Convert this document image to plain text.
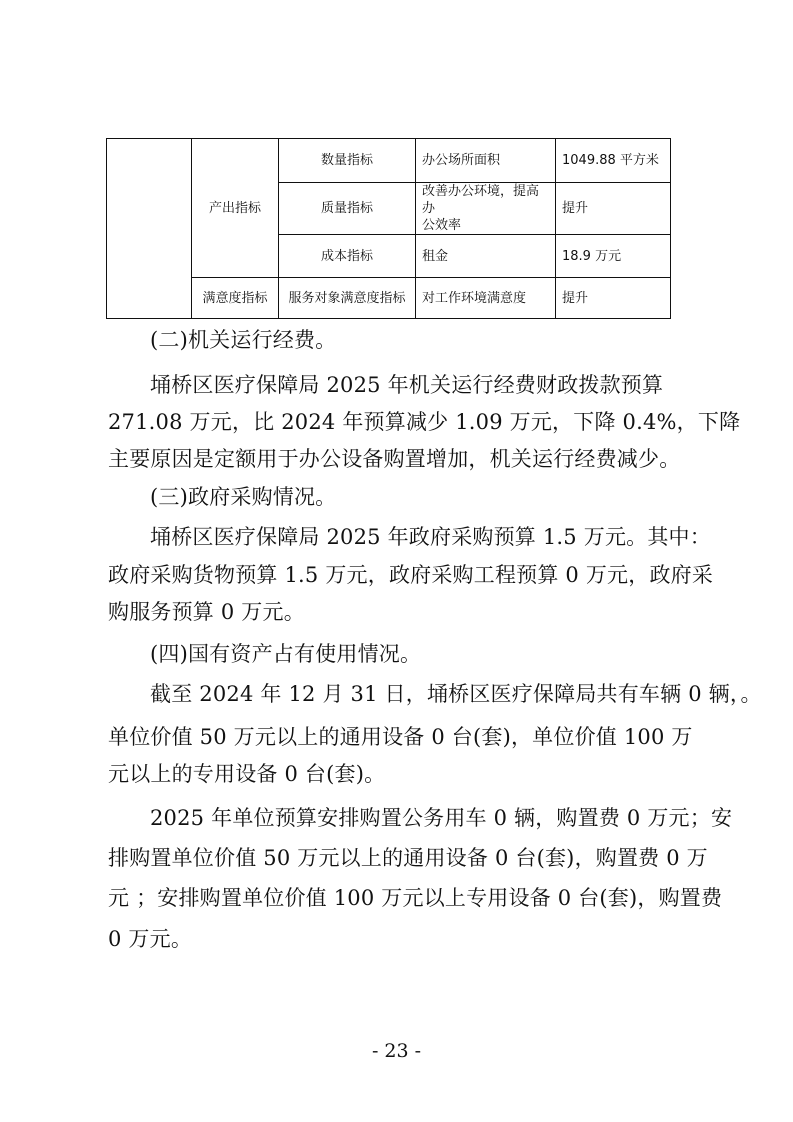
	产出指标	数量指标	办公场所面积	1049.88 平方米
		质量指标	改善办公环境，提高办
公效率	提升
		成本指标	租金	18.9 万元
	满意度指标	服务对象满意度指标	对工作环境满意度	提升
(二)机关运行经费。
埇桥区医疗保障局 2025 年机关运行经费财政拨款预算
271.08 万元，比 2024 年预算减少 1.09 万元，下降 0.4%，下降
主要原因是定额用于办公设备购置增加，机关运行经费减少。
(三)政府采购情况。
埇桥区医疗保障局 2025 年政府采购预算 1.5 万元。其中：
政府采购货物预算 1.5 万元，政府采购工程预算 0 万元，政府采
购服务预算 0 万元。
(四)国有资产占有使用情况。
截至 2024 年 12 月 31 日，埇桥区医疗保障局共有车辆 0 辆，。
单位价值 50 万元以上的通用设备 0 台(套)，单位价值 100 万
元以上的专用设备 0 台(套)。
2025 年单位预算安排购置公务用车 0 辆，购置费 0 万元；安
排购置单位价值 50 万元以上的通用设备 0 台(套)，购置费 0 万
元 ；安排购置单位价值 100 万元以上专用设备 0 台(套)，购置费
0 万元。
- 23 -
